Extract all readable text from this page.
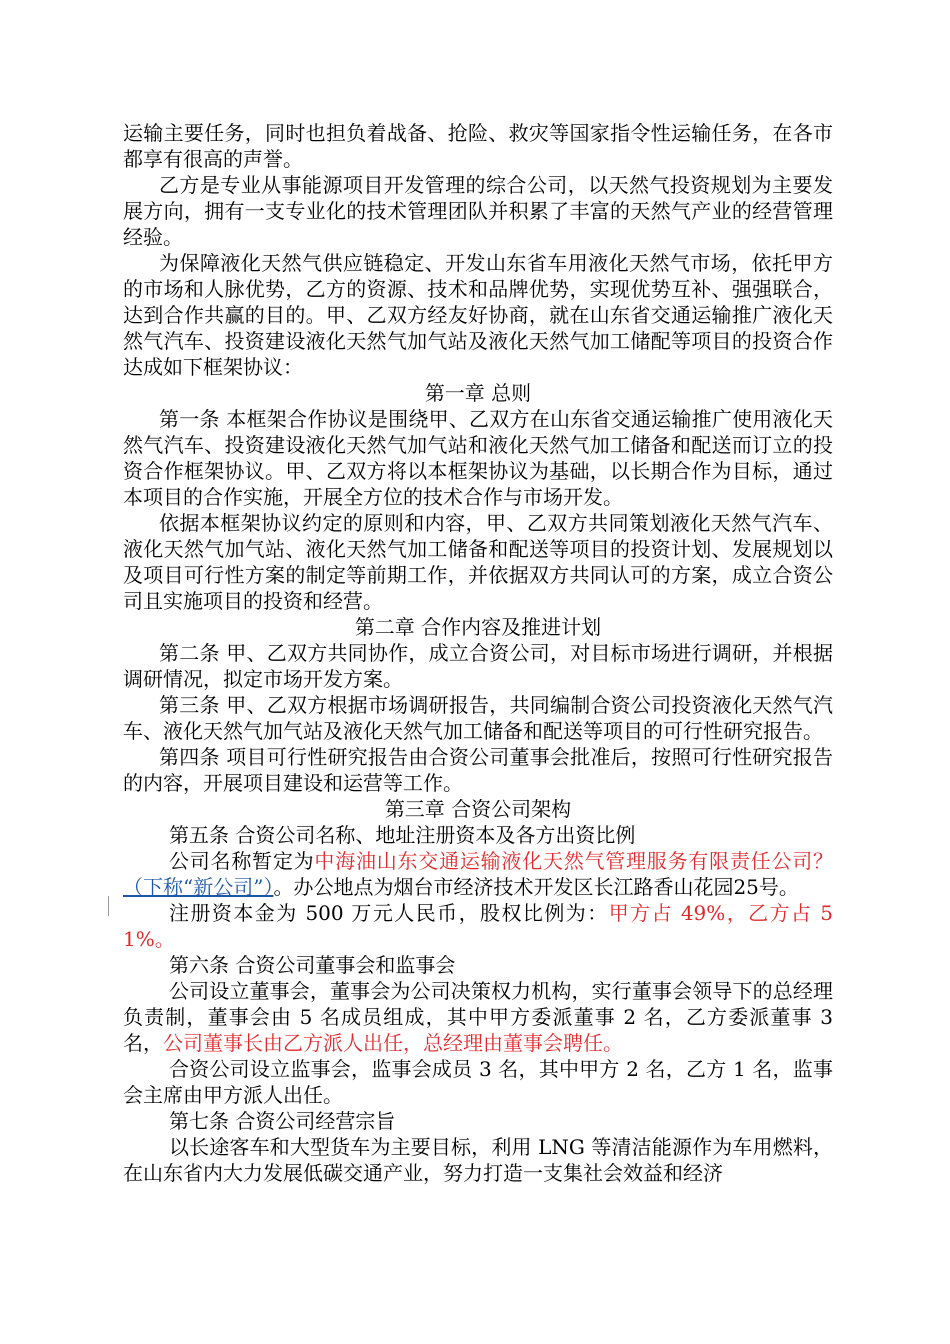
运输主要任务，同时也担负着战备、抢险、救灾等国家指令性运输任务，在各市都享有很高的声誉。

乙方是专业从事能源项目开发管理的综合公司，以天然气投资规划为主要发展方向，拥有一支专业化的技术管理团队并积累了丰富的天然气产业的经营管理经验。

为保障液化天然气供应链稳定、开发山东省车用液化天然气市场，依托甲方的市场和人脉优势，乙方的资源、技术和品牌优势，实现优势互补、强强联合，达到合作共赢的目的。甲、乙双方经友好协商，就在山东省交通运输推广液化天然气汽车、投资建设液化天然气加气站及液化天然气加工储配等项目的投资合作达成如下框架协议：

第一章 总则

第一条 本框架合作协议是围绕甲、乙双方在山东省交通运输推广使用液化天然气汽车、投资建设液化天然气加气站和液化天然气加工储备和配送而订立的投资合作框架协议。甲、乙双方将以本框架协议为基础，以长期合作为目标，通过本项目的合作实施，开展全方位的技术合作与市场开发。

依据本框架协议约定的原则和内容，甲、乙双方共同策划液化天然气汽车、液化天然气加气站、液化天然气加工储备和配送等项目的投资计划、发展规划以及项目可行性方案的制定等前期工作，并依据双方共同认可的方案，成立合资公司且实施项目的投资和经营。

第二章 合作内容及推进计划

第二条 甲、乙双方共同协作，成立合资公司，对目标市场进行调研，并根据调研情况，拟定市场开发方案。

第三条 甲、乙双方根据市场调研报告，共同编制合资公司投资液化天然气汽车、液化天然气加气站及液化天然气加工储备和配送等项目的可行性研究报告。

第四条 项目可行性研究报告由合资公司董事会批准后，按照可行性研究报告的内容，开展项目建设和运营等工作。

第三章 合资公司架构

第五条 合资公司名称、地址注册资本及各方出资比例

公司名称暂定为中海油山东交通运输液化天然气管理服务有限责任公司？（下称“新公司”）。办公地点为烟台市经济技术开发区长江路香山花园25号。

注册资本金为 500 万元人民币，股权比例为：甲方占 49%，乙方占 51%。

第六条 合资公司董事会和监事会

公司设立董事会，董事会为公司决策权力机构，实行董事会领导下的总经理负责制，董事会由 5 名成员组成，其中甲方委派董事 2 名，乙方委派董事 3 名，公司董事长由乙方派人出任，总经理由董事会聘任。

合资公司设立监事会，监事会成员 3 名，其中甲方 2 名，乙方 1 名，监事会主席由甲方派人出任。

第七条 合资公司经营宗旨

以长途客车和大型货车为主要目标，利用 LNG 等清洁能源作为车用燃料，在山东省内大力发展低碳交通产业，努力打造一支集社会效益和经济
